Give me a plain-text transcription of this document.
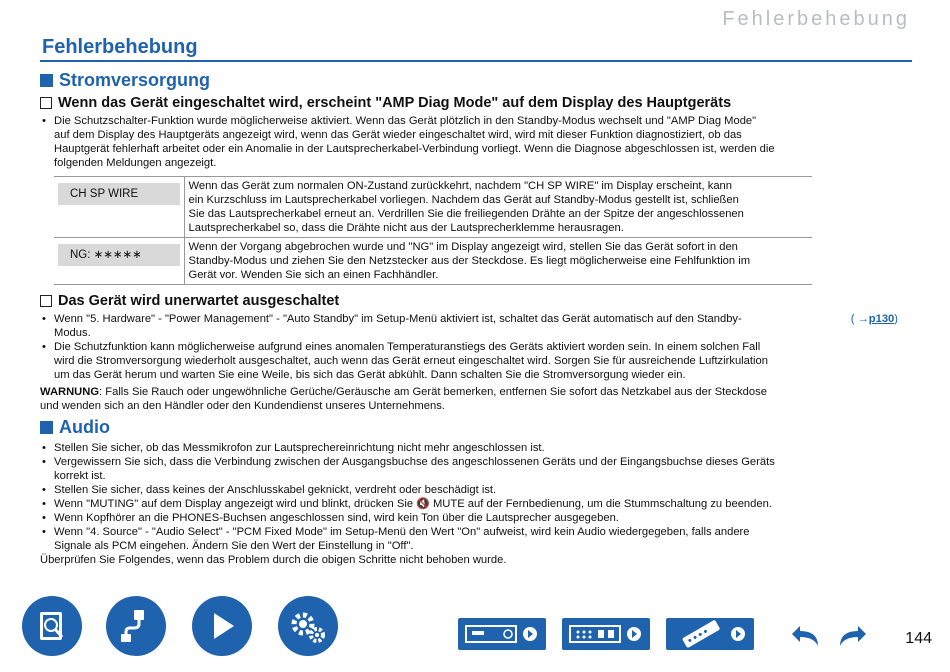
Fehlerbehebung
Fehlerbehebung
Stromversorgung
Wenn das Gerät eingeschaltet wird, erscheint "AMP Diag Mode" auf dem Display des Hauptgeräts
• Die Schutzschalter-Funktion wurde möglicherweise aktiviert. Wenn das Gerät plötzlich in den Standby-Modus wechselt und "AMP Diag Mode"
auf dem Display des Hauptgeräts angezeigt wird, wenn das Gerät wieder eingeschaltet wird, wird mit dieser Funktion diagnostiziert, ob das
Hauptgerät fehlerhaft arbeitet oder ein Anomalie in der Lautsprecherkabel-Verbindung vorliegt. Wenn die Diagnose abgeschlossen ist, werden die
folgenden Meldungen angezeigt.
CH SP WIRE	Wenn das Gerät zum normalen ON-Zustand zurückkehrt, nachdem "CH SP WIRE" im Display erscheint, kann
ein Kurzschluss im Lautsprecherkabel vorliegen. Nachdem das Gerät auf Standby-Modus gestellt ist, schließen
Sie das Lautsprecherkabel erneut an. Verdrillen Sie die freiliegenden Drähte an der Spitze der angeschlossenen
Lautsprecherkabel so, dass die Drähte nicht aus der Lautsprecherklemme herausragen.

NG: ∗∗∗∗∗	Wenn der Vorgang abgebrochen wurde und "NG" im Display angezeigt wird, stellen Sie das Gerät sofort in den
Standby-Modus und ziehen Sie den Netzstecker aus der Steckdose. Es liegt möglicherweise eine Fehlfunktion im
Gerät vor. Wenden Sie sich an einen Fachhändler.
Das Gerät wird unerwartet ausgeschaltet
• Wenn "5. Hardware" - "Power Management" - "Auto Standby" im Setup-Menü aktiviert ist, schaltet das Gerät automatisch auf den Standby-	( →p130)
Modus.
• Die Schutzfunktion kann möglicherweise aufgrund eines anomalen Temperaturanstiegs des Geräts aktiviert worden sein. In einem solchen Fall
wird die Stromversorgung wiederholt ausgeschaltet, auch wenn das Gerät erneut eingeschaltet wird. Sorgen Sie für ausreichende Luftzirkulation
um das Gerät herum und warten Sie eine Weile, bis sich das Gerät abkühlt. Dann schalten Sie die Stromversorgung wieder ein.
WARNUNG: Falls Sie Rauch oder ungewöhnliche Gerüche/Geräusche am Gerät bemerken, entfernen Sie sofort das Netzkabel aus der Steckdose
und wenden sich an den Händler oder den Kundendienst unseres Unternehmens.
Audio
• Stellen Sie sicher, ob das Messmikrofon zur Lautsprechereinrichtung nicht mehr angeschlossen ist.
• Vergewissern Sie sich, dass die Verbindung zwischen der Ausgangsbuchse des angeschlossenen Geräts und der Eingangsbuchse dieses Geräts
korrekt ist.
• Stellen Sie sicher, dass keines der Anschlusskabel geknickt, verdreht oder beschädigt ist.
• Wenn "MUTING" auf dem Display angezeigt wird und blinkt, drücken Sie 🔇 MUTE auf der Fernbedienung, um die Stummschaltung zu beenden.
• Wenn Kopfhörer an die PHONES-Buchsen angeschlossen sind, wird kein Ton über die Lautsprecher ausgegeben.
• Wenn "4. Source" - "Audio Select" - "PCM Fixed Mode" im Setup-Menü den Wert "On" aufweist, wird kein Audio wiedergegeben, falls andere
Signale als PCM eingehen. Ändern Sie den Wert der Einstellung in "Off".
Überprüfen Sie Folgendes, wenn das Problem durch die obigen Schritte nicht behoben wurde.
144
